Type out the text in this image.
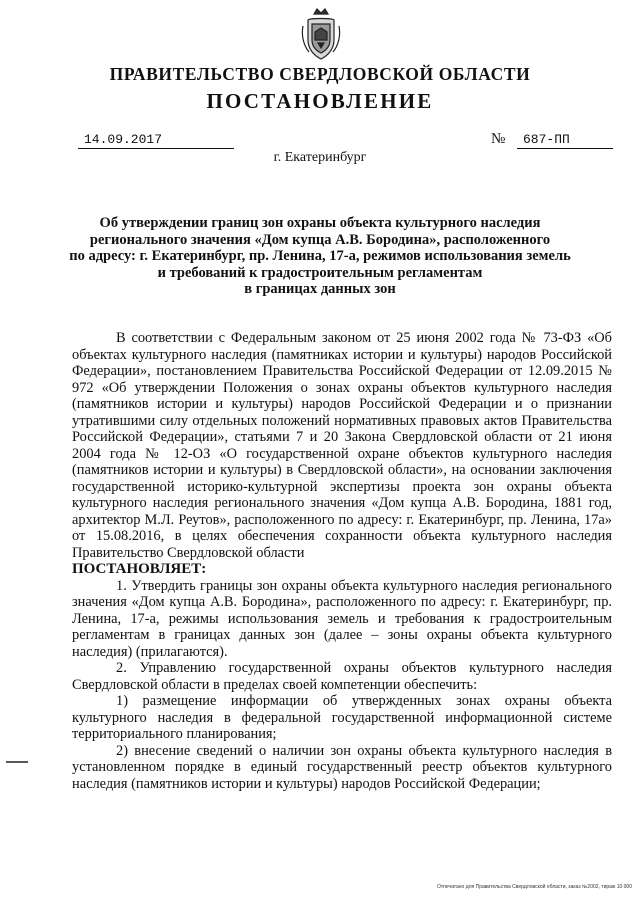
ПРАВИТЕЛЬСТВО СВЕРДЛОВСКОЙ ОБЛАСТИ
ПОСТАНОВЛЕНИЕ
14.09.2017	№	687-ПП
г. Екатеринбург
Об утверждении границ зон охраны объекта культурного наследия
регионального значения «Дом купца А.В. Бородина», расположенного
по адресу: г. Екатеринбург, пр. Ленина, 17-а, режимов использования земель
и требований к градостроительным регламентам
в границах данных зон

В соответствии с Федеральным законом от 25 июня 2002 года № 73-ФЗ «Об объектах культурного наследия (памятниках истории и культуры) народов Российской Федерации», постановлением Правительства Российской Федерации от 12.09.2015 № 972 «Об утверждении Положения о зонах охраны объектов культурного наследия (памятников истории и культуры) народов Российской Федерации и о признании утратившими силу отдельных положений нормативных правовых актов Правительства Российской Федерации», статьями 7 и 20 Закона Свердловской области от 21 июня 2004 года № 12-ОЗ «О государственной охране объектов культурного наследия (памятников истории и культуры) в Свердловской области», на основании заключения государственной историко-культурной экспертизы проекта зон охраны объекта культурного наследия регионального значения «Дом купца А.В. Бородина, 1881 год, архитектор М.Л. Реутов», расположенного по адресу: г. Екатеринбург, пр. Ленина, 17а» от 15.08.2016, в целях обеспечения сохранности объекта культурного наследия Правительство Свердловской области

ПОСТАНОВЛЯЕТ:

1. Утвердить границы зон охраны объекта культурного наследия регионального значения «Дом купца А.В. Бородина», расположенного по адресу: г. Екатеринбург, пр. Ленина, 17-а, режимы использования земель и требования к градостроительным регламентам в границах данных зон (далее – зоны охраны объекта культурного наследия) (прилагаются).

2. Управлению государственной охраны объектов культурного наследия Свердловской области в пределах своей компетенции обеспечить:

1) размещение информации об утвержденных зонах охраны объекта культурного наследия в федеральной государственной информационной системе территориального планирования;

2) внесение сведений о наличии зон охраны объекта культурного наследия в установленном порядке в единый государственный реестр объектов культурного наследия (памятников истории и культуры) народов Российской Федерации;

Отпечатано для Правительства Свердловской области, заказ №2002, тираж 10 000
